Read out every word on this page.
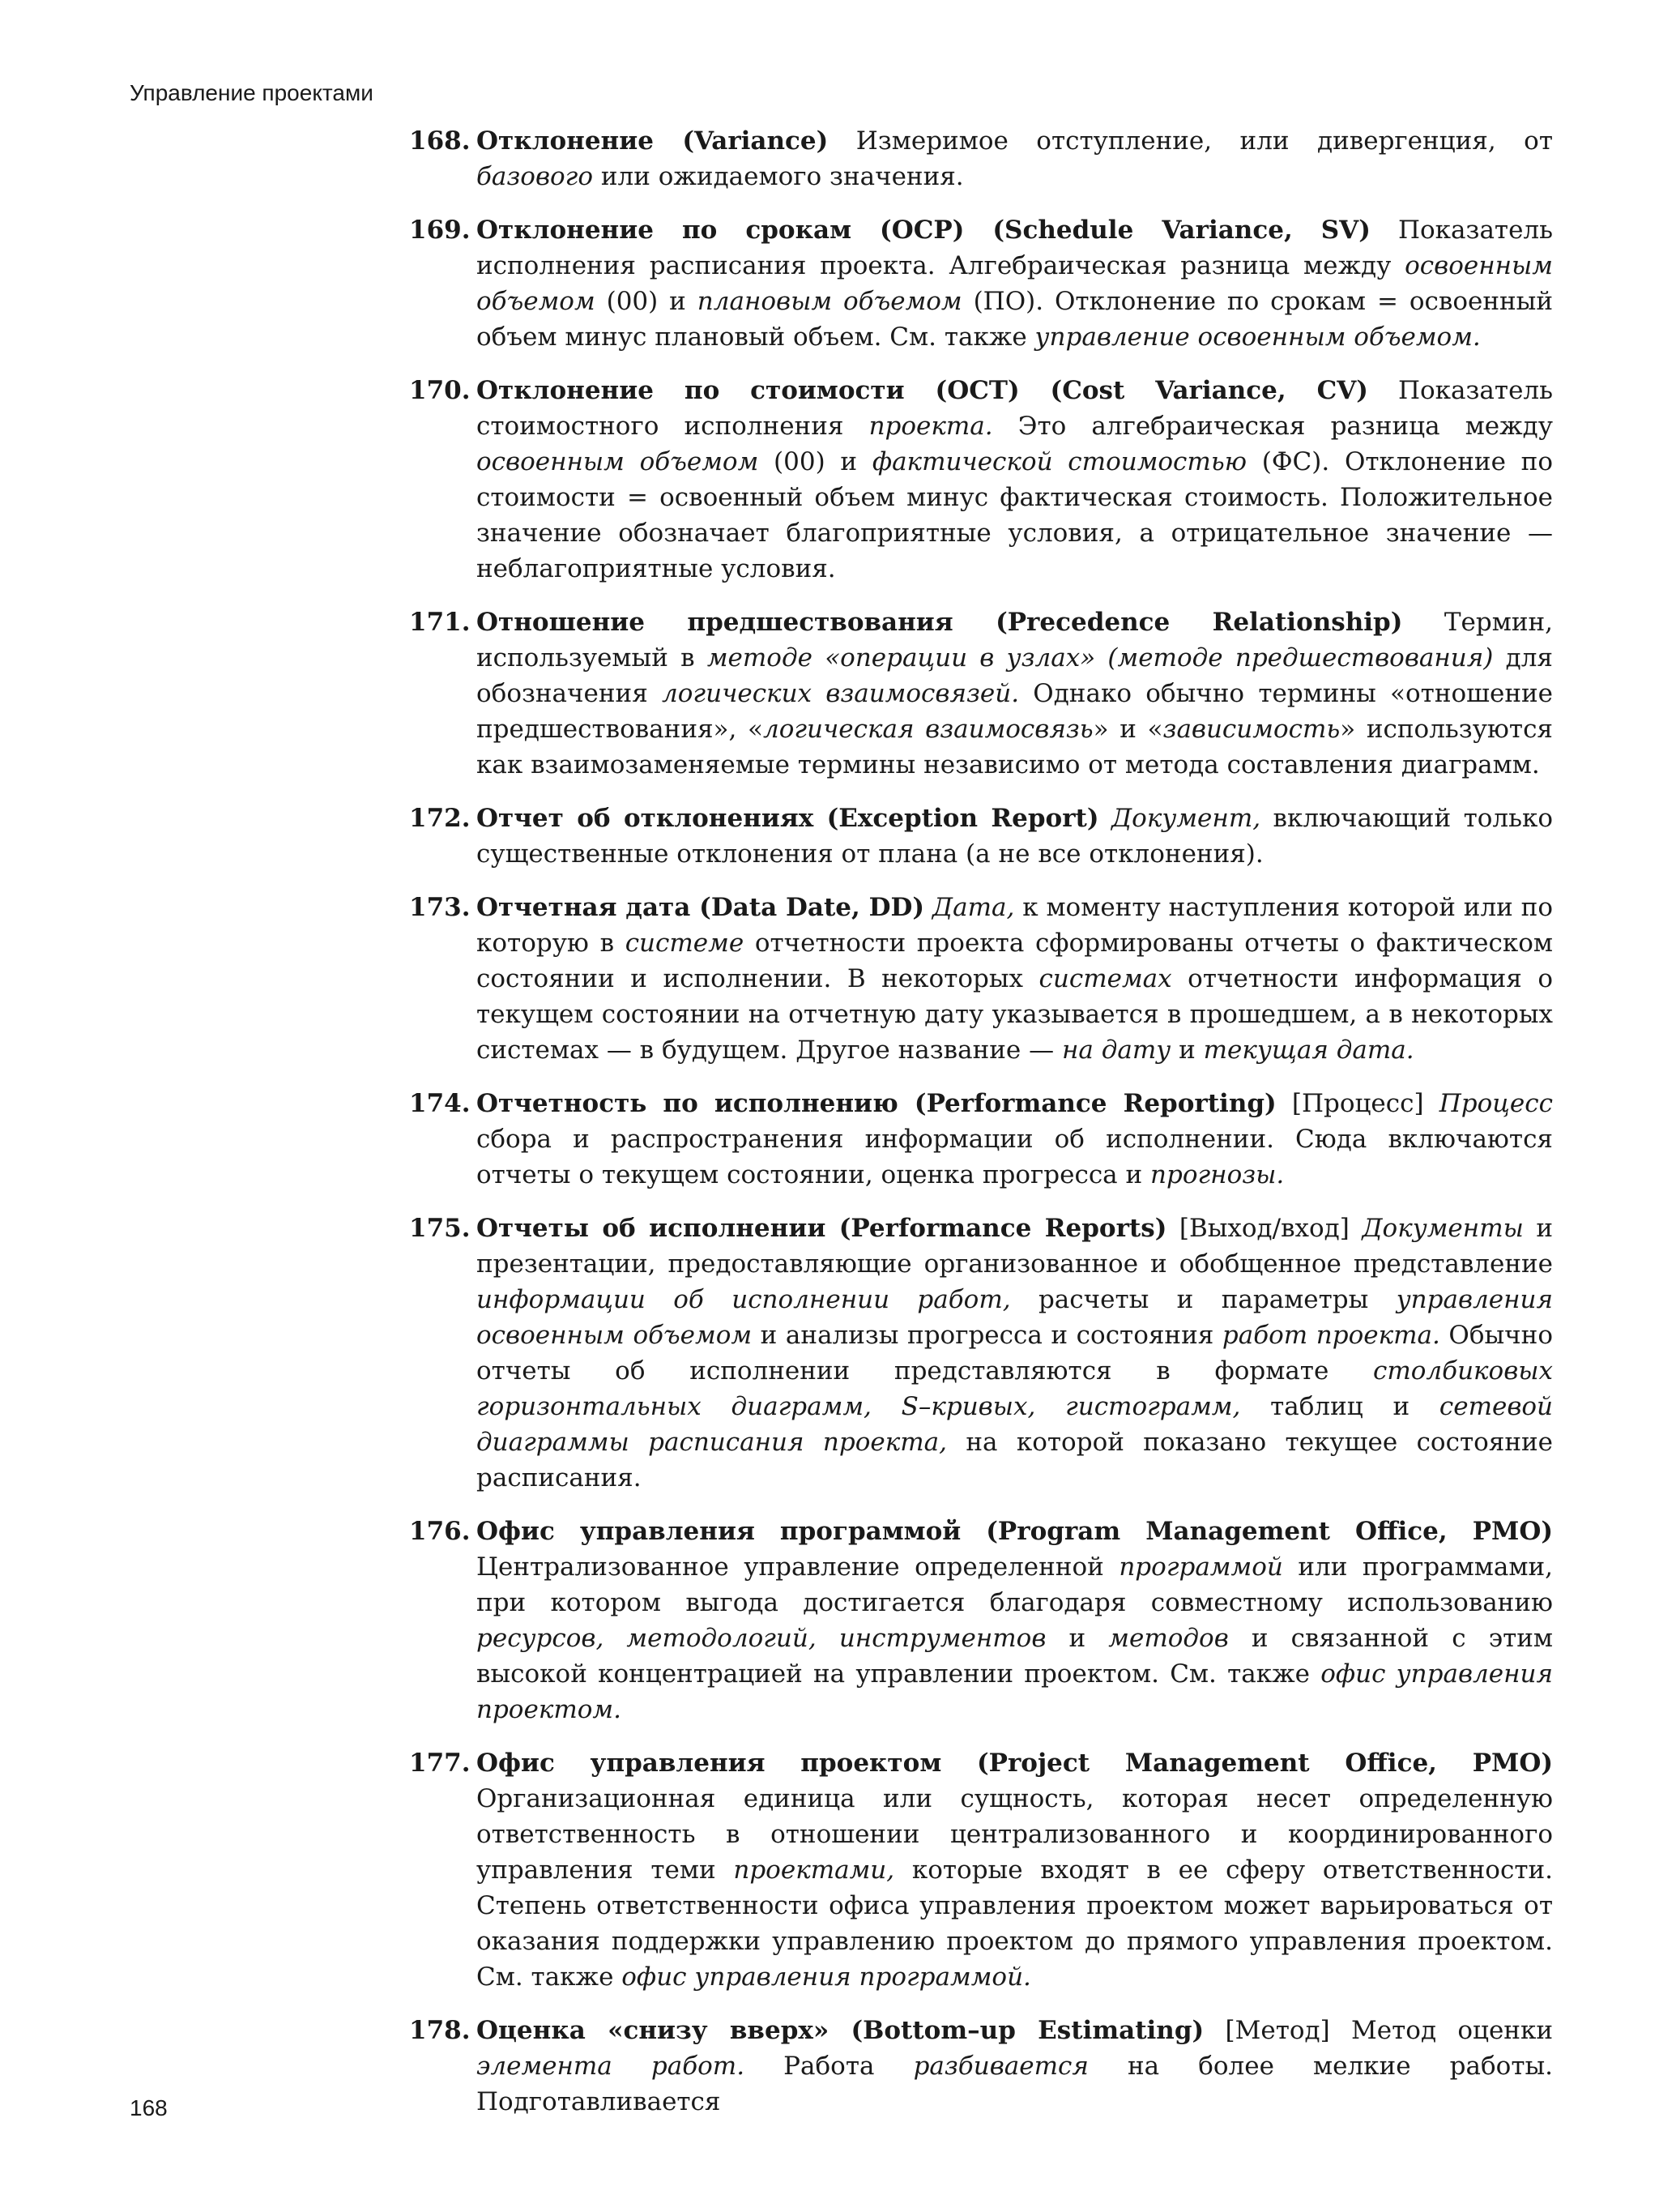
Управление проектами
168. Отклонение (Variance) Измеримое отступление, или дивергенция, от базового или ожидаемого значения.
169. Отклонение по срокам (ОСР) (Schedule Variance, SV) Показатель исполнения расписания проекта. Алгебраическая разница между освоенным объемом (00) и плановым объемом (ПО). Отклонение по срокам = освоенный объем минус плановый объем. См. также управление освоенным объемом.
170. Отклонение по стоимости (ОСТ) (Cost Variance, CV) Показатель стоимостного исполнения проекта. Это алгебраическая разница между освоенным объемом (00) и фактической стоимостью (ФС). Отклонение по стоимости = освоенный объем минус фактическая стоимость. Положительное значение обозначает благоприятные условия, а отрицательное значение — неблагоприятные условия.
171. Отношение предшествования (Precedence Relationship) Термин, используемый в методе «операции в узлах» (методе предшествования) для обозначения логических взаимосвязей. Однако обычно термины «отношение предшествования», «логическая взаимосвязь» и «зависимость» используются как взаимозаменяемые термины независимо от метода составления диаграмм.
172. Отчет об отклонениях (Exception Report) Документ, включающий только существенные отклонения от плана (а не все отклонения).
173. Отчетная дата (Data Date, DD) Дата, к моменту наступления которой или по которую в системе отчетности проекта сформированы отчеты о фактическом состоянии и исполнении. В некоторых системах отчетности информация о текущем состоянии на отчетную дату указывается в прошедшем, а в некоторых системах — в будущем. Другое название — на дату и текущая дата.
174. Отчетность по исполнению (Performance Reporting) [Процесс] Процесс сбора и распространения информации об исполнении. Сюда включаются отчеты о текущем состоянии, оценка прогресса и прогнозы.
175. Отчеты об исполнении (Performance Reports) [Выход/вход] Документы и презентации, предоставляющие организованное и обобщенное представление информации об исполнении работ, расчеты и параметры управления освоенным объемом и анализы прогресса и состояния работ проекта. Обычно отчеты об исполнении представляются в формате столбиковых горизонтальных диаграмм, S–кривых, гистограмм, таблиц и сетевой диаграммы расписания проекта, на которой показано текущее состояние расписания.
176. Офис управления программой (Program Management Office, PMO) Централизованное управление определенной программой или программами, при котором выгода достигается благодаря совместному использованию ресурсов, методологий, инструментов и методов и связанной с этим высокой концентрацией на управлении проектом. См. также офис управления проектом.
177. Офис управления проектом (Project Management Office, PMO) Организационная единица или сущность, которая несет определенную ответственность в отношении централизованного и координированного управления теми проектами, которые входят в ее сферу ответственности. Степень ответственности офиса управления проектом может варьироваться от оказания поддержки управлению проектом до прямого управления проектом. См. также офис управления программой.
178. Оценка «снизу вверх» (Bottom–up Estimating) [Метод] Метод оценки элемента работ. Работа разбивается на более мелкие работы. Подготавливается
168
